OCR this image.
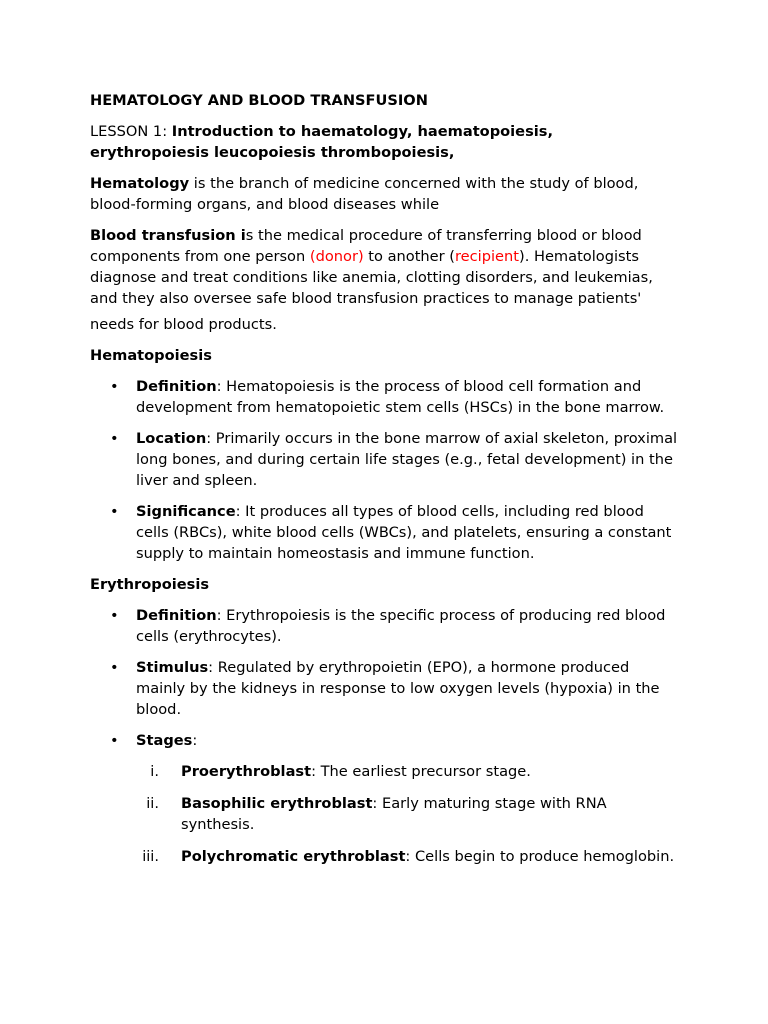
HEMATOLOGY AND BLOOD TRANSFUSION
LESSON 1: Introduction to haematology, haematopoiesis,
erythropoiesis leucopoiesis thrombopoiesis,
Hematology is the branch of medicine concerned with the study of blood, blood-forming organs, and blood diseases while
Blood transfusion is the medical procedure of transferring blood or blood components from one person (donor) to another (recipient). Hematologists diagnose and treat conditions like anemia, clotting disorders, and leukemias, and they also oversee safe blood transfusion practices to manage patients'
needs for blood products.
Hematopoiesis
• Definition: Hematopoiesis is the process of blood cell formation and development from hematopoietic stem cells (HSCs) in the bone marrow.
• Location: Primarily occurs in the bone marrow of axial skeleton, proximal long bones, and during certain life stages (e.g., fetal development) in the liver and spleen.
• Significance: It produces all types of blood cells, including red blood cells (RBCs), white blood cells (WBCs), and platelets, ensuring a constant supply to maintain homeostasis and immune function.
Erythropoiesis
• Definition: Erythropoiesis is the specific process of producing red blood cells (erythrocytes).
• Stimulus: Regulated by erythropoietin (EPO), a hormone produced mainly by the kidneys in response to low oxygen levels (hypoxia) in the blood.
• Stages:
i. Proerythroblast: The earliest precursor stage.
ii. Basophilic erythroblast: Early maturing stage with RNA synthesis.
iii. Polychromatic erythroblast: Cells begin to produce hemoglobin.
